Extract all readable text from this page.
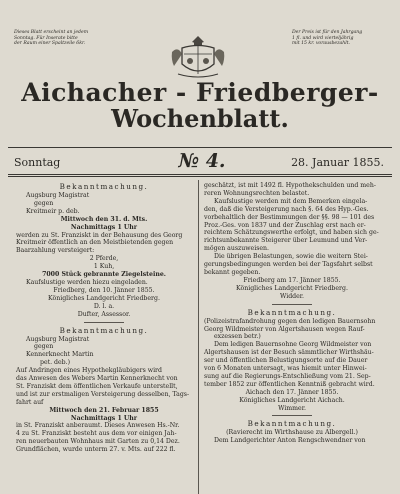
Dieses Blatt erscheint an jedem
Sonntag. Für Inserate bitte
der Raum einer Spaltzeile 6kr.
Der Preis ist für den Jahrgang
1 fl. und wird vierteljährig
mit 15 kr. vorausbezahlt.
Aichacher - Friedberger-
Wochenblatt.
Sonntag	№ 4.	28. Januar 1855.

Bekanntmachung.

Augsburg Magistrat

gegen

Kreitmeir p. deb.

Mittwoch den 31. d. Mts.

Nachmittags 1 Uhr

werden zu St. Franziskt in der Behausung des Georg

Kreitmeir öffentlich an den Meistbietenden gegen

Baarzahlung versteigert:

2 Pferde,

1 Kuh,

7000 Stück gebrannte Ziegelsteine.

Kaufslustige werden hiezu eingeladen.

Friedberg, den 10. Jänner 1855.

Königliches Landgericht Friedberg.

D. l. a.

Dufter, Assessor.

Bekanntmachung.

Augsburg Magistrat

gegen

Kennerknecht Martin

pet. deb.)

Auf Andringen eines Hypothekgläubigers wird

das Anwesen des Webers Martin Kennerknecht von

St. Franziskt dem öffentlichen Verkaufe unterstellt,

und ist zur erstmaligen Versteigerung desselben, Tags-

fahrt auf

Mittwoch den 21. Februar 1855

Nachmittags 1 Uhr

in St. Franziskt anberaumt. Dieses Anwesen Hs.-Nr.

4 zu St. Franziskt besteht aus dem vor einigen Jah-

ren neuerbauten Wohnhaus mit Garten zu 0,14 Dez.

Grundflächen, wurde unterm 27. v. Mts. auf 222 fl.

geschätzt, ist mit 1492 fl. Hypothekschulden und meh-

reren Wohnungsrechten belastet.

Kaufslustige werden mit dem Bemerken eingela-

den, daß die Versteigerung nach §. 64 des Hyp.-Ges.

vorbehaltlich der Bestimmungen der §§. 98 — 101 des

Proz.-Ges. von 1837 und der Zuschlag erst nach er-

reichtem Schätzungswerthe erfolgt, und haben sich ge-

richtsunbekannte Steigerer über Leumund und Ver-

mögen auszuweisen.

Die übrigen Belastungen, sowie die weitern Stei-

gerungsbedingungen werden bei der Tagsfahrt selbst

bekannt gegeben.

Friedberg am 17. Jänner 1855.

Königliches Landgericht Friedberg.

Widder.

Bekanntmachung.

(Polizeistrafandrohung gegen den ledigen Bauernsohn

Georg Wildmeister von Algertshausen wegen Rauf-

exzessen betr.)

Dem ledigen Bauernsohne Georg Wildmeister von

Algertshausen ist der Besuch sämmtlicher Wirthshäu-

ser und öffentlichen Belustigungsorte auf die Dauer

von 6 Monaten untersagt, was hiemit unter Hinwei-

sung auf die Regierungs-Entschließung vom 21. Sep-

tember 1852 zur öffentlichen Kenntniß gebracht wird.

Aichach den 17. Jänner 1855.

Königliches Landgericht Aichach.

Wimmer.

Bekanntmachung.

(Ravierecht im Wirthshause zu Albergell.)

Dem Landgerichter Anton Rengschwendner von
